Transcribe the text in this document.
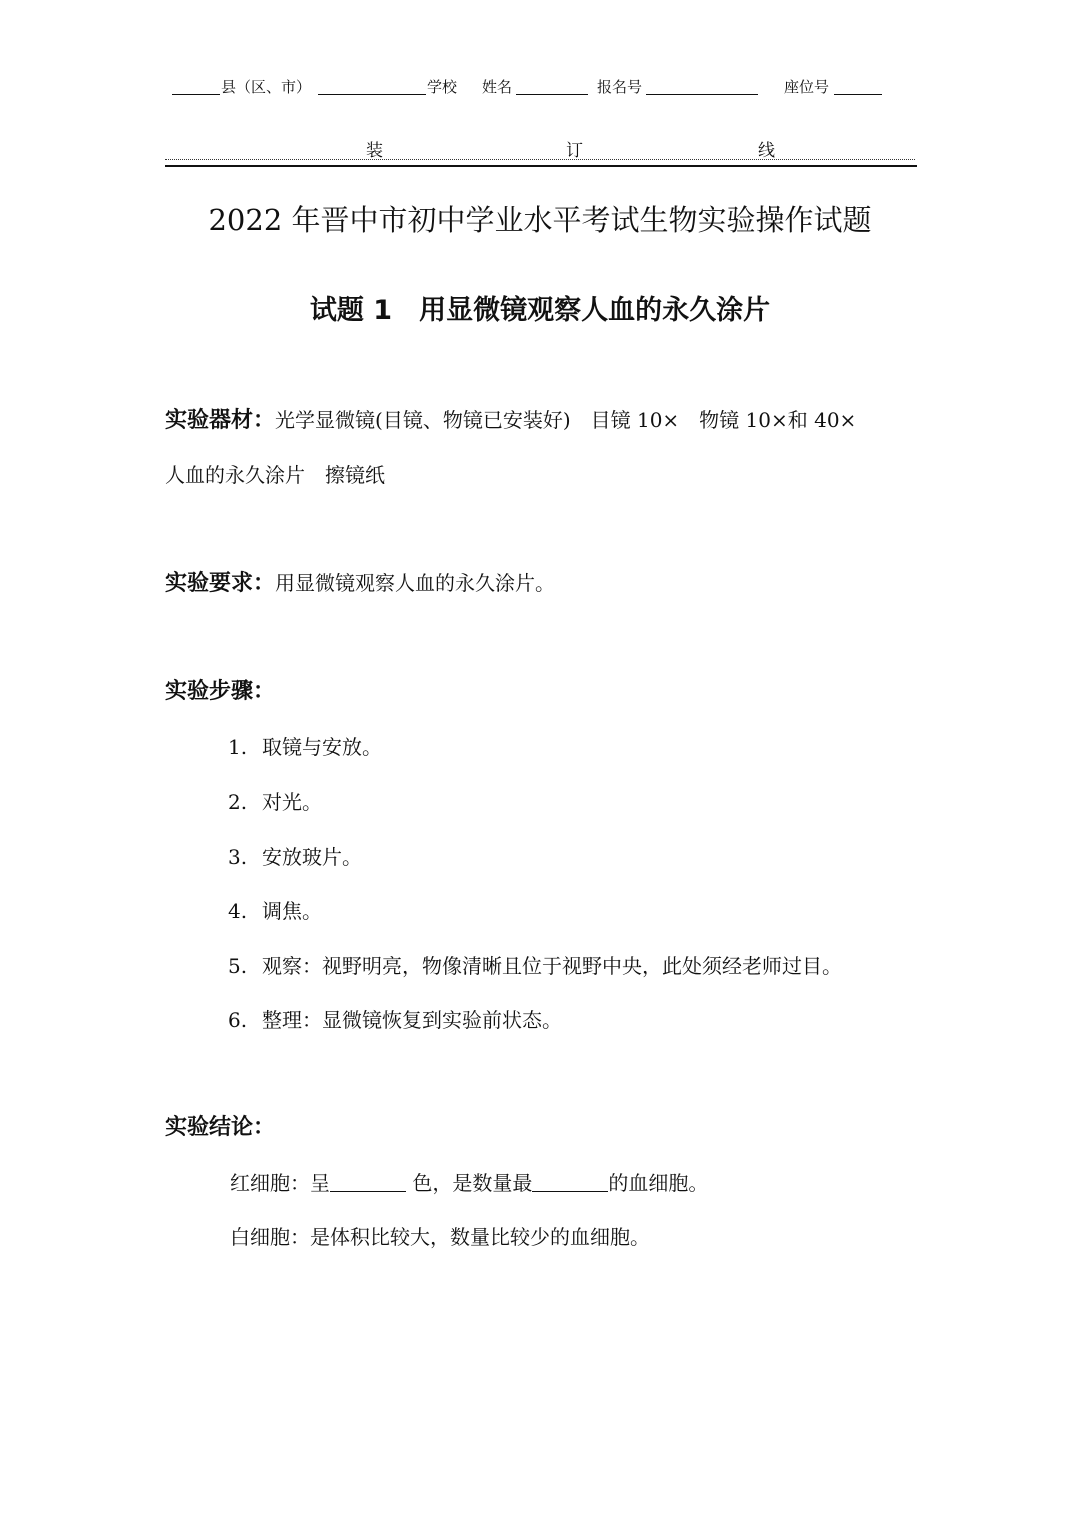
县（区、市）	学校 姓名	报名号	座位号
装	订	线
2022 年晋中市初中学业水平考试生物实验操作试题
试题 1　用显微镜观察人血的永久涂片
实验器材：光学显微镜(目镜、物镜已安装好)　目镜 10×　物镜 10×和 40×
人血的永久涂片　擦镜纸
实验要求：用显微镜观察人血的永久涂片。
实验步骤：
1. 取镜与安放。
2. 对光。
3. 安放玻片。
4. 调焦。
5. 观察：视野明亮，物像清晰且位于视野中央，此处须经老师过目。
6. 整理：显微镜恢复到实验前状态。
实验结论：
红细胞：呈	色，是数量最	的血细胞。
白细胞：是体积比较大，数量比较少的血细胞。
